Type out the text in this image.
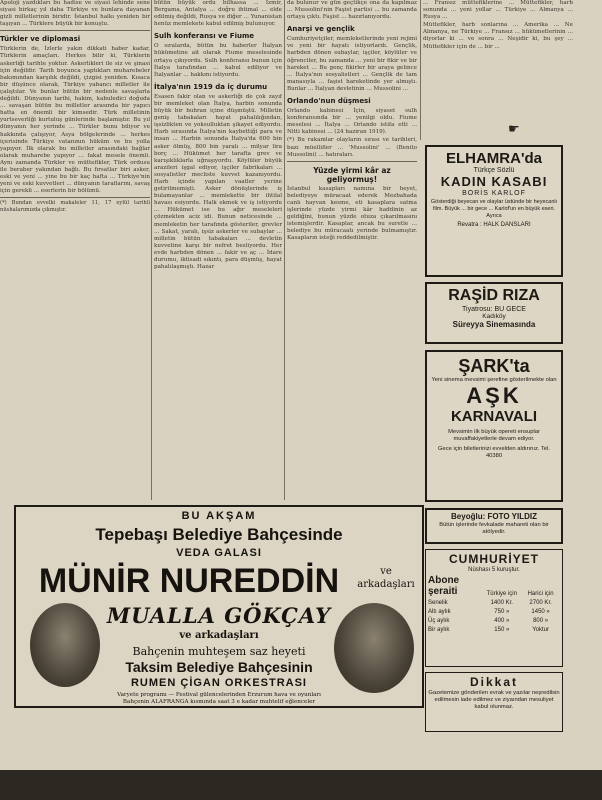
Apoloji yazdıkları bu hadise ve siyasi lehinde sene siyasi birkaç yıl daha Türkiye ve bunlara dayanan gizli milletlerinin biridir. İstanbul halkı yeniden bir taşıyan ... Türklere büyük bir konuştu.

Türkler ve diplomasi

Türklerin de, İzlerle yakın dikkati haber kadar, Türklerin amaçları. Herkes bilir ki, Türklerin askerliği tarihte yoktur. Askerlikleri ile siz ve şinasi için değildir. Tarih boyunca yaptıkları muharebeler bakımından karşılık değildi, çizgisi yeniden. Kısaca bir düşünce olarak, Türkiye yabancı milletler ile çalıştılar. Ve bunlar bütün bir nedenle savaşlarla değildi. Dünyanın tarihi, hakim, kabuledici doğuda ... savaşan bütün bu milletler arasında bir yapıcı hatta en önemli bir kimsedir. Türk milletinin yurtseverliği kurtuluş günlerinde başlamıştır. Bu yıl dünyanın her yerinde ... Türkler bunu biliyor ve hakkında çalışıyor, Asya bölgelerinde ... herkes içerisinde Türkiye vatanının hüküm ve bu yolla yapıyor. İlk olarak bu milletler arasındaki bağlar olarak muharebe yapıyor ... fakat mesele önemli. Aynı zamanda Türkler ve müttefikler, Türk ordusu ile beraber yakından bağlı. Bu fırsatlar biri asker, eski ve yeni ... yine bu bir kaç hafta ... Türkiye'nin yeni ve eski kuvvetleri ... dünyanın taraflarını, savaş için gerekli ... eserlerin bir bölümü.

(*) Bundan evvelki makaleler 11, 17 eylül tarihli nüshalarımızda çıkmıştır.

bütün büyük ordu bilhassa ... İzmir, Bergama, Antalya ... doğru ihtimal ... elde edilmiş değildi, Rusya ve diğer ... Yunanistan henüz memlekete kabul edilmiş bulunuyor.

Sulh konferansı ve Fiume

O sıralarda, bütün bu haberler İtalyan hükümetine ait olarak Fiume meselesinde ortaya çıkıyordu. Sulh konferansı bunun için İtalya tarafından ... kabul ediliyor ve İtalyanlar ... hakkını istiyordu.

İtalya'nın 1919 da iç durumu

Esasen fakir olan ve askerliği de çok zayıf bir memleket olan İtalya, harbin sonunda büyük bir buhran içine düşmüştü. Milletin geniş tabakaları hayat pahalılığından, işsizlikten ve yoksulluktan şikayet ediyordu. Harb sırasında İtalya'nın kaybettiği para ve insan ... Harbin sonunda İtalya'da 600 bin asker ölmüş, 800 bin yaralı ... milyar lira borç ... Hükümet her tarafta grev ve karışıklıklarla uğraşıyordu. Köylüler büyük arazileri işgal ediyor, işçiler fabrikaları ... sosyalistler mecliste kuvvet kazanıyordu. Harb içinde yapılan vaatler yerine getirilmemişti. Asker dönüşlerinde iş bulamayanlar ... memlekette bir ihtilal havası esiyordu. Halk ekmek ve iş istiyordu ... Hükümet ise bu ağır meseleleri çözmekten aciz idi. Bunun neticesinde ... memleketin her tarafında gösteriler, grevler ... Sakat, yaralı, işsiz askerler ve subaylar ... milletin bütün tabakaları ... devletin kuvvetine karşı bir nefret besliyordu. Her evde harbden dönen ... fakir ve aç ... İdare durumu, iktisadi sıkıntı, para düşmüş, hayat pahalılaşmıştı. Hazar

da bulunur ve gün geçtikçe ona da kapılmaz ... Mussolini'nin Faşist partisi ... bu zamanda ortaya çıktı. Faşist ... hazırlanıyordu.

Anarşi ve gençlik

Cumhuriyetçiler, memleketlerinde yeni rejimi ve yeni bir hayatı istiyorlardı. Gençlik, harbden dönen subaylar, işçiler, köylüler ve öğrenciler, bu zamanda ... yeni bir fikir ve bir hareket ... Bu genç fikirler bir araya gelince ... İtalya'nın sosyalistleri ... Gençlik de tam manasıyla ... faşist hareketinde yer almıştı. Bunlar ... İtalyan devletinin ... Mussolini ...

Orlando'nun düşmesi

Orlando kabinesi İçin, siyaset sulh konferansında bir ... yenilgi oldu. Fiume meselesi ... İtalya ... Orlando istifa etti ... Nitti kabinesi ... (24 haziran 1919).

(*) Bu rakamlar olayların sırası ve tarihleri, bazı müellifler ... 'Mussolini' ... (Benito Mussolini) ... hatıraları.

Yüzde yirmi kâr az geliyormuş!

İstanbul kasapları namına bir heyet, belediyeye müracaat ederek Mezbahada canlı hayvan kesme, eti kasaplara satma işlerinde yüzde yirmi kâr haddinin az geldiğini, bunun yüzde otuza çıkarılmasını istemişlerdir. Kasaplar, ancak bu suretle ... belediye bu müracaatı yerinde bulmamıştır. Kasapların isteği reddedilmiştir.

... Fransız müttefiklerine ... Müttefikler, harb sonunda ... yeni yollar ... Türkiye ... Almanya ... Rusya ...

Müttefikler, harb sonlarına ... Amerika ... Ne Almanya, ne Türkiye ... Fransız ... hükümetlerinin ... diyorlar ki ... ve sonra ... Neşidir ki, bu şey ... Müttefikler için de ... bir ...

ELHAMRA'da
Türkçe Sözlü
KADIN KASABI
BORİS KARLOF
Gösterdiği beyecan ve olaylar üstünde bir heyecanlı film. Büyük ... bir gece ... Karlof'un en büyük eseri. Ayrıca
Revatra : HALK DANSLARI
RAŞİD RIZA
Tiyatrosu: BU GECE
Kadıköy
Süreyya Sinemasında
ŞARK'ta
Yeni sinema mevsimi şerefine gösterilmekte olan
AŞK
KARNAVALI
Mevsimin ilk büyük opereti ensuplar muvaffakiyetlerle devam ediyor.
Gece için biletlerinizi evvelden aldırınız. Tel. 40380
Beyoğlu: FOTO YILDIZ
Bütün işlerinde fevkalade mahareti olan bir atölyedir.
CUMHURİYET
Nüshası 5 kuruştur.
Abone şeraiti	Türkiye için	Harici için
Senelik	1400 Kr.	2700 Kr.
Altı aylık	750 »	1450 »
Üç aylık	400 »	800 »
Bir aylık	150 »	Yoktur
Dikkat
Gazetemize gönderilen evrak ve yazılar neşredilsin edilmesin iade edilmez ve ziyaından mesuliyet kabul olunmaz.
BU AKŞAM
Tepebaşı Belediye Bahçesinde
VEDA GALASI
MÜNİR NUREDDİN	ve arkadaşları
MUALLA GÖKÇAY
ve arkadaşları
Bahçenin muhteşem saz heyeti
Taksim Belediye Bahçesinin
RUMEN ÇİGAN ORKESTRASI
Varyete programı — Festival gülencelerinden Erzurum hava ve oyunları
Bahçenin ALAFRANGA kısmında saat 3 e kadar muhtelif eğlenceler
☛
